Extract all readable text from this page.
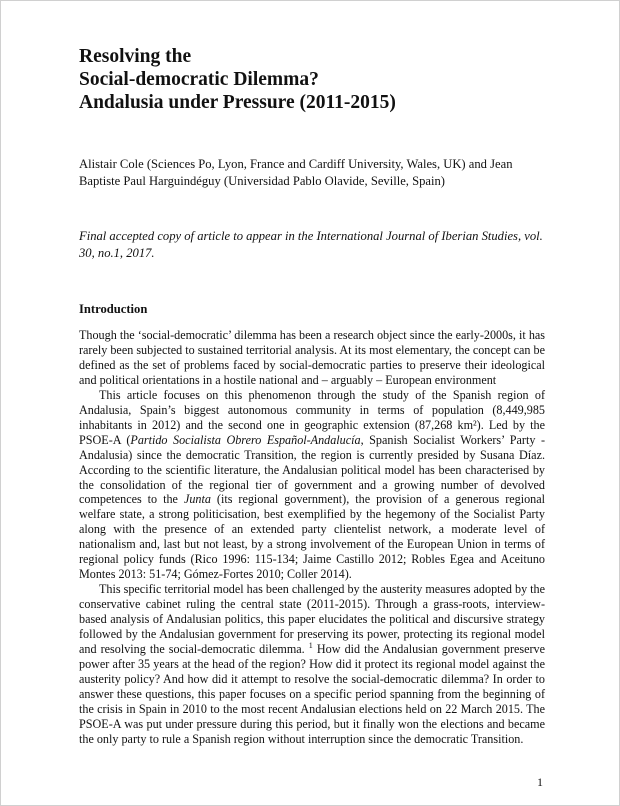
Resolving the
Social-democratic Dilemma?
Andalusia under Pressure (2011-2015)

Alistair Cole (Sciences Po, Lyon, France and Cardiff University, Wales, UK) and Jean Baptiste Paul Harguindéguy (Universidad Pablo Olavide, Seville, Spain)

Final accepted copy of article to appear in the International Journal of Iberian Studies, vol. 30, no.1, 2017.

Introduction

Though the ‘social-democratic’ dilemma has been a research object since the early-2000s, it has rarely been subjected to sustained territorial analysis. At its most elementary, the concept can be defined as the set of problems faced by social-democratic parties to preserve their ideological and political orientations in a hostile national and – arguably – European environment

This article focuses on this phenomenon through the study of the Spanish region of Andalusia, Spain’s biggest autonomous community in terms of population (8,449,985 inhabitants in 2012) and the second one in geographic extension (87,268 km²). Led by the PSOE-A (Partido Socialista Obrero Español-Andalucía, Spanish Socialist Workers’ Party - Andalusia) since the democratic Transition, the region is currently presided by Susana Díaz. According to the scientific literature, the Andalusian political model has been characterised by the consolidation of the regional tier of government and a growing number of devolved competences to the Junta (its regional government), the provision of a generous regional welfare state, a strong politicisation, best exemplified by the hegemony of the Socialist Party along with the presence of an extended party clientelist network, a moderate level of nationalism and, last but not least, by a strong involvement of the European Union in terms of regional policy funds (Rico 1996: 115-134; Jaime Castillo 2012; Robles Egea and Aceituno Montes 2013: 51-74; Gómez-Fortes 2010; Coller 2014).

This specific territorial model has been challenged by the austerity measures adopted by the conservative cabinet ruling the central state (2011-2015). Through a grass-roots, interview-based analysis of Andalusian politics, this paper elucidates the political and discursive strategy followed by the Andalusian government for preserving its power, protecting its regional model and resolving the social-democratic dilemma. $^1$ How did the Andalusian government preserve power after 35 years at the head of the region? How did it protect its regional model against the austerity policy? And how did it attempt to resolve the social-democratic dilemma? In order to answer these questions, this paper focuses on a specific period spanning from the beginning of the crisis in Spain in 2010 to the most recent Andalusian elections held on 22 March 2015. The PSOE-A was put under pressure during this period, but it finally won the elections and became the only party to rule a Spanish region without interruption since the democratic Transition.

1
